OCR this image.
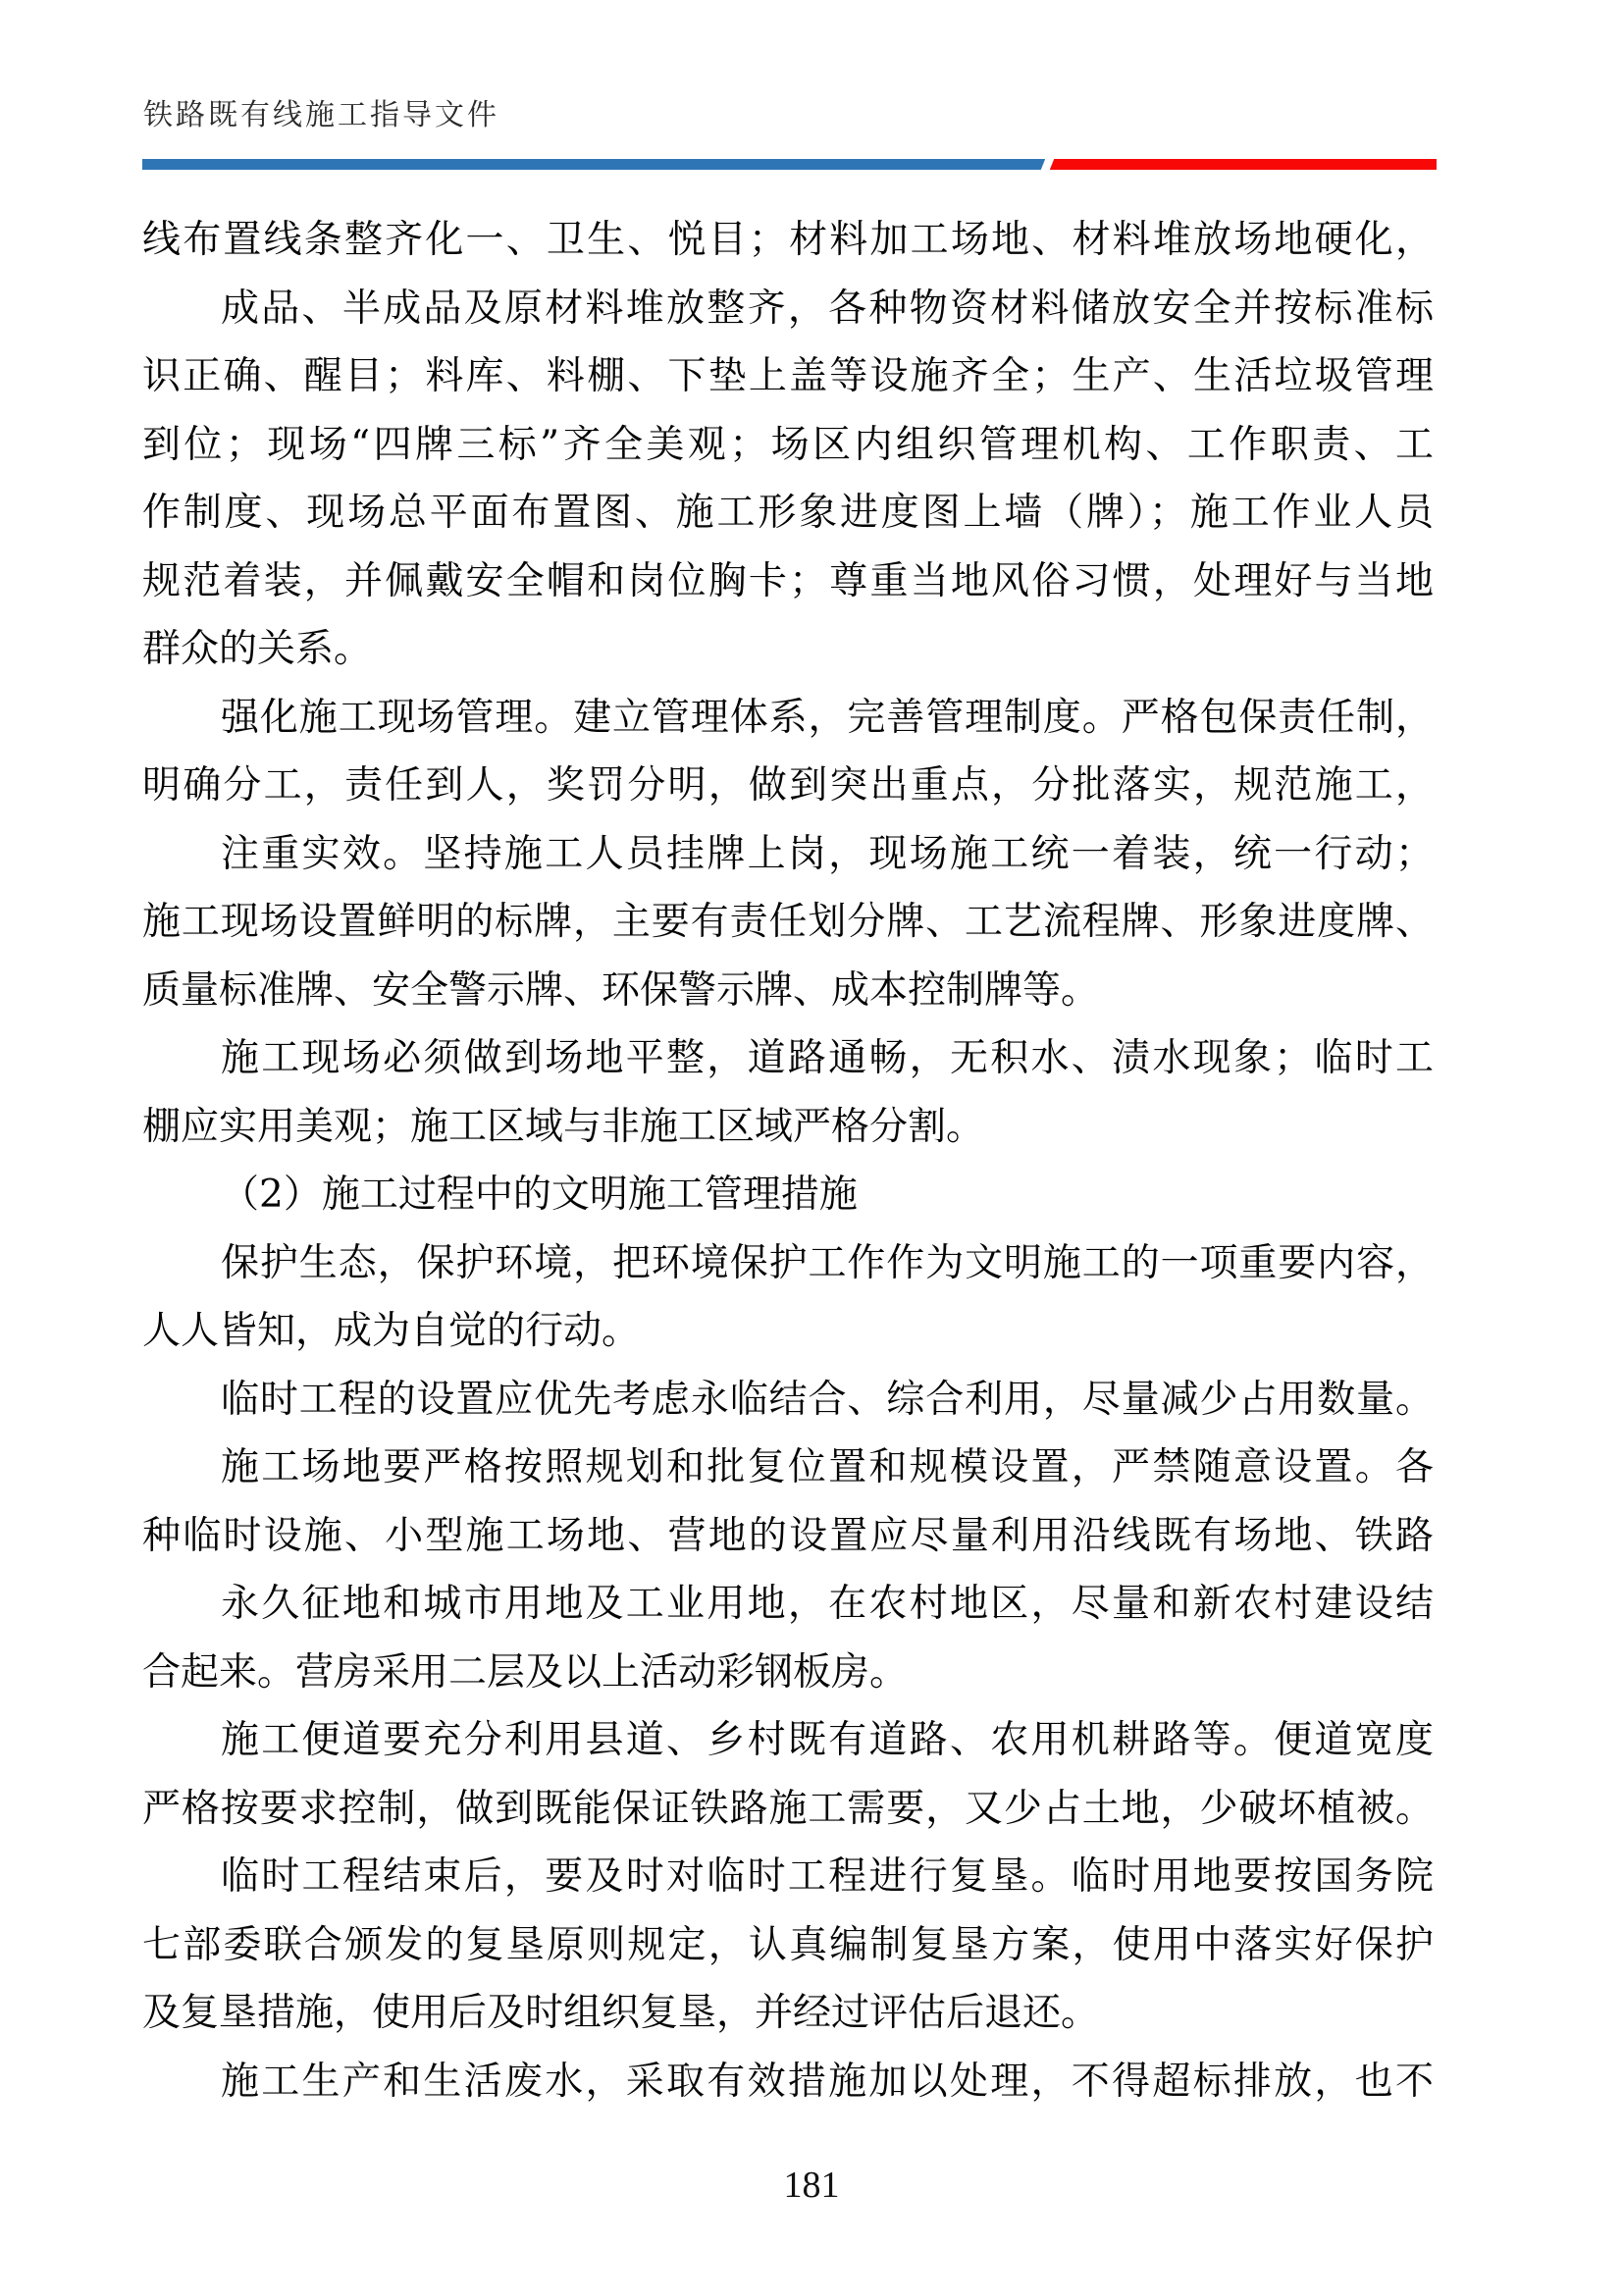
铁路既有线施工指导文件
线布置线条整齐化一、卫生、悦目；材料加工场地、材料堆放场地硬化，
成品、半成品及原材料堆放整齐，各种物资材料储放安全并按标准标
识正确、醒目；料库、料棚、下垫上盖等设施齐全；生产、生活垃圾管理
到位；现场“四牌三标”齐全美观；场区内组织管理机构、工作职责、工
作制度、现场总平面布置图、施工形象进度图上墙（牌）；施工作业人员
规范着装，并佩戴安全帽和岗位胸卡；尊重当地风俗习惯，处理好与当地
群众的关系。
强化施工现场管理。建立管理体系，完善管理制度。严格包保责任制，
明确分工，责任到人，奖罚分明，做到突出重点，分批落实，规范施工，
注重实效。坚持施工人员挂牌上岗，现场施工统一着装，统一行动；
施工现场设置鲜明的标牌，主要有责任划分牌、工艺流程牌、形象进度牌、
质量标准牌、安全警示牌、环保警示牌、成本控制牌等。
施工现场必须做到场地平整，道路通畅，无积水、渍水现象；临时工
棚应实用美观；施工区域与非施工区域严格分割。
（2）施工过程中的文明施工管理措施
保护生态，保护环境，把环境保护工作作为文明施工的一项重要内容，
人人皆知，成为自觉的行动。
临时工程的设置应优先考虑永临结合、综合利用，尽量减少占用数量。
施工场地要严格按照规划和批复位置和规模设置，严禁随意设置。各
种临时设施、小型施工场地、营地的设置应尽量利用沿线既有场地、铁路
永久征地和城市用地及工业用地，在农村地区，尽量和新农村建设结
合起来。营房采用二层及以上活动彩钢板房。
施工便道要充分利用县道、乡村既有道路、农用机耕路等。便道宽度
严格按要求控制，做到既能保证铁路施工需要，又少占土地，少破坏植被。
临时工程结束后，要及时对临时工程进行复垦。临时用地要按国务院
七部委联合颁发的复垦原则规定，认真编制复垦方案，使用中落实好保护
及复垦措施，使用后及时组织复垦，并经过评估后退还。
施工生产和生活废水，采取有效措施加以处理，不得超标排放，也不
181
